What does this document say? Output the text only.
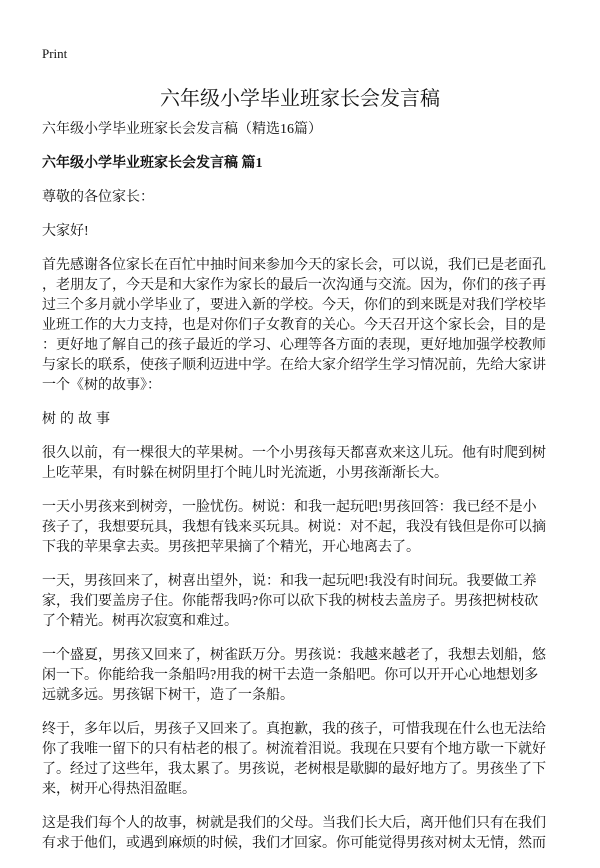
Print
六年级小学毕业班家长会发言稿

六年级小学毕业班家长会发言稿（精选16篇）

六年级小学毕业班家长会发言稿 篇1

尊敬的各位家长：

大家好!

首先感谢各位家长在百忙中抽时间来参加今天的家长会，可以说，我们已是老面孔
，老朋友了，今天是和大家作为家长的最后一次沟通与交流。因为，你们的孩子再
过三个多月就小学毕业了，要进入新的学校。今天，你们的到来既是对我们学校毕
业班工作的大力支持，也是对你们子女教育的关心。今天召开这个家长会，目的是
：更好地了解自己的孩子最近的学习、心理等各方面的表现，更好地加强学校教师
与家长的联系，使孩子顺利迈进中学。在给大家介绍学生学习情况前，先给大家讲
一个《树的故事》：

树的故事

很久以前，有一棵很大的苹果树。一个小男孩每天都喜欢来这儿玩。他有时爬到树
上吃苹果，有时躲在树阴里打个盹儿时光流逝，小男孩渐渐长大。

一天小男孩来到树旁，一脸忧伤。树说：和我一起玩吧!男孩回答：我已经不是小
孩子了，我想要玩具，我想有钱来买玩具。树说：对不起，我没有钱但是你可以摘
下我的苹果拿去卖。男孩把苹果摘了个精光，开心地离去了。

一天，男孩回来了，树喜出望外，说：和我一起玩吧!我没有时间玩。我要做工养
家，我们要盖房子住。你能帮我吗?你可以砍下我的树枝去盖房子。男孩把树枝砍
了个精光。树再次寂寞和难过。

一个盛夏，男孩又回来了，树雀跃万分。男孩说：我越来越老了，我想去划船，悠
闲一下。你能给我一条船吗?用我的树干去造一条船吧。你可以开开心心地想划多
远就多远。男孩锯下树干，造了一条船。

终于，多年以后，男孩子又回来了。真抱歉，我的孩子，可惜我现在什么也无法给
你了我唯一留下的只有枯老的根了。树流着泪说。我现在只要有个地方歇一下就好
了。经过了这些年，我太累了。男孩说，老树根是歇脚的最好地方了。男孩坐了下
来，树开心得热泪盈眶。

这是我们每个人的故事，树就是我们的父母。当我们长大后，离开他们只有在我们
有求于他们，或遇到麻烦的时候，我们才回家。你可能觉得男孩对树太无情，然而
